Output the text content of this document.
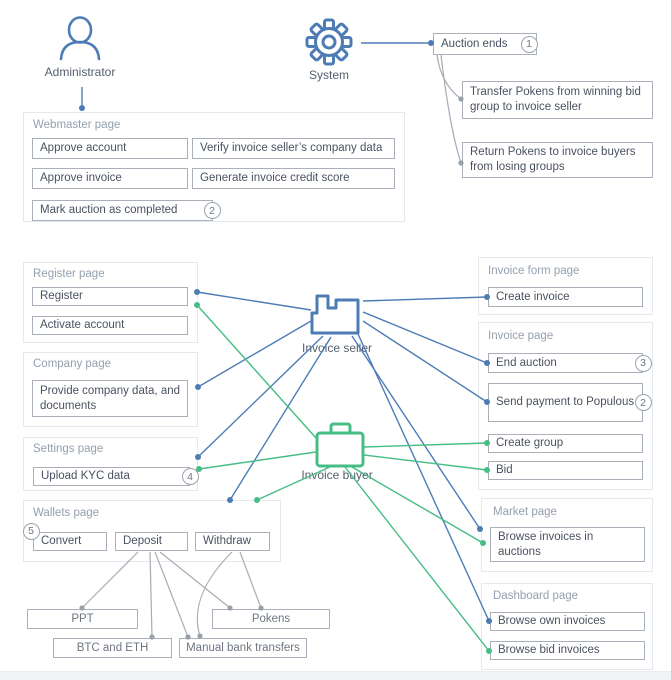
Administrator	System
Invoice seller
Invoice buyer
Webmaster page
Approve account	Verify invoice seller’s company data
Approve invoice	Generate invoice credit score
Mark auction as completed	2
Auction ends	1
Transfer Pokens from winning bid group to invoice seller
Return Pokens to invoice buyers from losing groups
Register page
Register
Activate account
Company page
Provide company data, and documents
Settings page
Upload KYC data	4
Wallets page
Convert	Deposit	Withdraw
5
PPT
BTC and ETH
Pokens
Manual bank transfers
Invoice form page
Create invoice
Invoice page
End auction	3
Send payment to Populous 2
Create group
Bid
Market page
Browse invoices in auctions
Dashboard page
Browse own invoices
Browse bid invoices
